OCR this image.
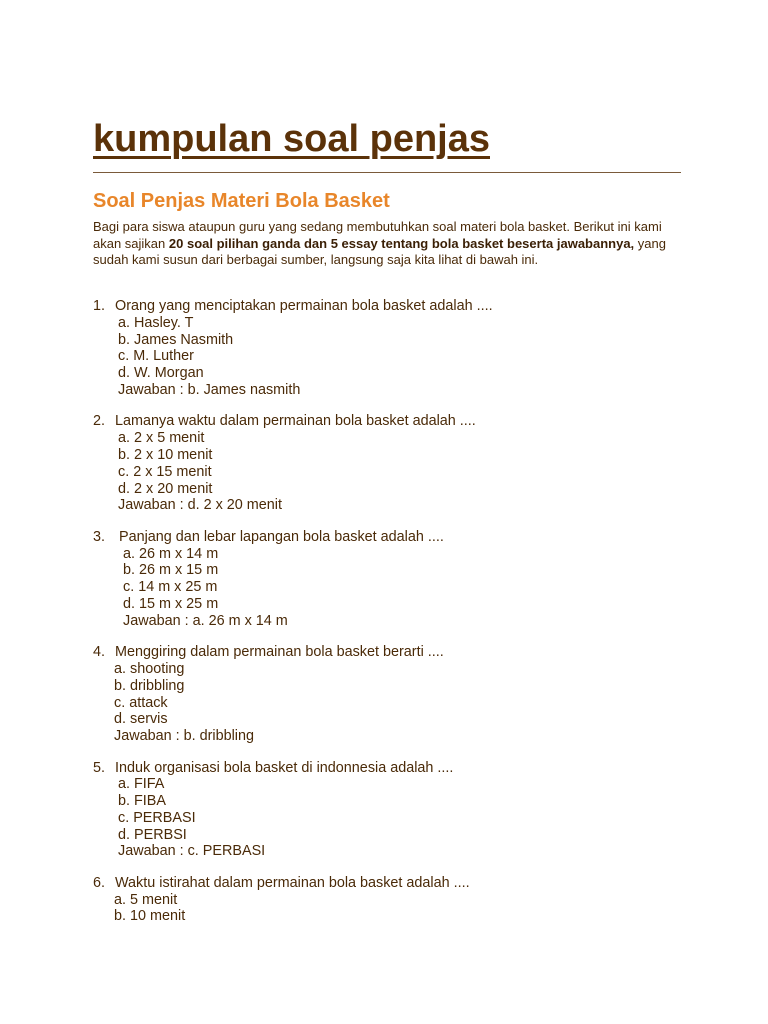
kumpulan soal penjas
Soal Penjas Materi Bola Basket

Bagi para siswa ataupun guru yang sedang membutuhkan soal materi bola basket. Berikut ini kami akan sajikan 20 soal pilihan ganda dan 5 essay tentang bola basket beserta jawabannya, yang sudah kami susun dari berbagai sumber, langsung saja kita lihat di bawah ini.

1. Orang yang menciptakan permainan bola basket adalah ....
a. Hasley. T
b. James Nasmith
c. M. Luther
d. W. Morgan
Jawaban : b. James nasmith
2. Lamanya waktu dalam permainan bola basket adalah ....
a. 2 x 5 menit
b. 2 x 10 menit
c. 2 x 15 menit
d. 2 x 20 menit
Jawaban : d. 2 x 20 menit
3. Panjang dan lebar lapangan bola basket adalah ....
a. 26 m x 14 m
b. 26 m x 15 m
c. 14 m x 25 m
d. 15 m x 25 m
Jawaban : a. 26 m x 14 m
4. Menggiring dalam permainan bola basket berarti ....
a. shooting
b. dribbling
c. attack
d. servis
Jawaban : b. dribbling
5. Induk organisasi bola basket di indonnesia adalah ....
a. FIFA
b. FIBA
c. PERBASI
d. PERBSI
Jawaban : c. PERBASI
6. Waktu istirahat dalam permainan bola basket adalah ....
a. 5 menit
b. 10 menit
